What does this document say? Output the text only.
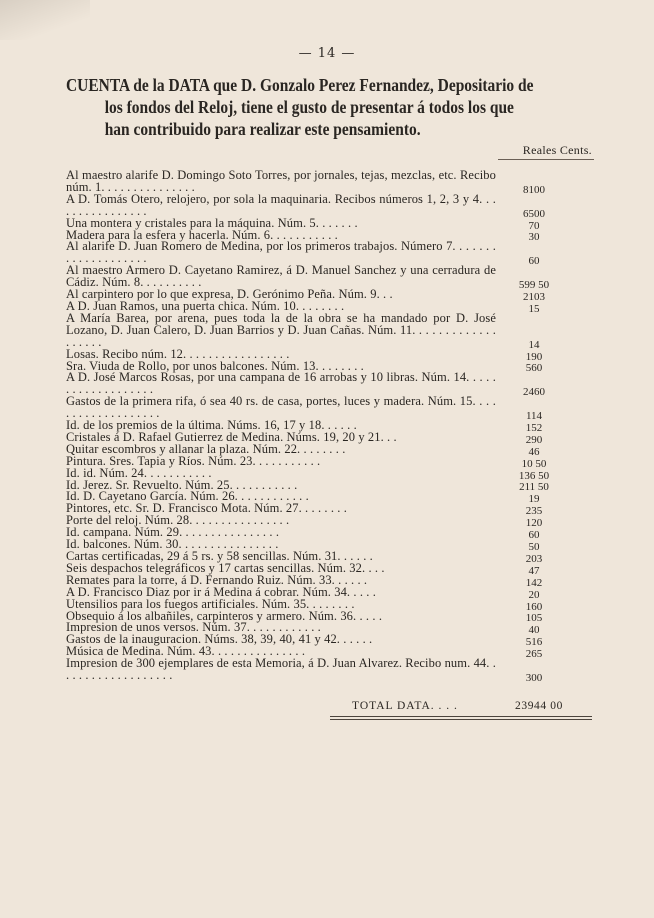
— 14 —
CUENTA de la DATA que D. Gonzalo Perez Fernandez, Depositario de
los fondos del Reloj, tiene el gusto de presentar á todos los que
han contribuido para realizar este pensamiento.
Reales Cents.
Al maestro alarife D. Domingo Soto Torres, por jornales, tejas, mezclas, etc. Recibo núm. 1. . . . . . . . . . . . . . .	8100
A D. Tomás Otero, relojero, por sola la maquinaria. Recibos números 1, 2, 3 y 4. . . . . . . . . . . . . . . .	6500
Una montera y cristales para la máquina. Núm. 5. . . . . . .	70
Madera para la esfera y hacerla. Núm. 6. . . . . . . . . . .	30
Al alarife D. Juan Romero de Medina, por los primeros trabajos. Número 7. . . . . . . . . . . . . . . . . . . .	60
Al maestro Armero D. Cayetano Ramirez, á D. Manuel Sanchez y una cerradura de Cádiz. Núm. 8. . . . . . . . . .	599 50
Al carpintero por lo que expresa, D. Gerónimo Peña. Núm. 9. . .	2103
A D. Juan Ramos, una puerta chica. Núm. 10. . . . . . . .	15
A María Barea, por arena, pues toda la de la obra se ha mandado por D. José Lozano, D. Juan Calero, D. Juan Barrios y D. Juan Cañas. Núm. 11. . . . . . . . . . . . . . . . . . .	14
Losas. Recibo núm. 12. . . . . . . . . . . . . . . . .	190
Sra. Viuda de Rollo, por unos balcones. Núm. 13. . . . . . . .	560
A D. José Marcos Rosas, por una campana de 16 arrobas y 10 libras. Núm. 14. . . . . . . . . . . . . . . . . . .	2460
Gastos de la primera rifa, ó sea 40 rs. de casa, portes, luces y madera. Núm. 15. . . . . . . . . . . . . . . . . . .	114
Id. de los premios de la última. Núms. 16, 17 y 18. . . . . .	152
Cristales á D. Rafael Gutierrez de Medina. Núms. 19, 20 y 21. . .	290
Quitar escombros y allanar la plaza. Núm. 22. . . . . . . .	46
Pintura. Sres. Tapia y Ríos. Núm. 23. . . . . . . . . . .	10 50
Id. id. Núm. 24. . . . . . . . . . .	136 50
Id. Jerez. Sr. Revuelto. Núm. 25. . . . . . . . . . .	211 50
Id. D. Cayetano García. Núm. 26. . . . . . . . . . . .	19
Pintores, etc. Sr. D. Francisco Mota. Núm. 27. . . . . . . .	235
Porte del reloj. Núm. 28. . . . . . . . . . . . . . . .	120
Id. campana. Núm. 29. . . . . . . . . . . . . . . .	60
Id. balcones. Núm. 30. . . . . . . . . . . . . . . .	50
Cartas certificadas, 29 á 5 rs. y 58 sencillas. Núm. 31. . . . . .	203
Seis despachos telegráficos y 17 cartas sencillas. Núm. 32. . . .	47
Remates para la torre, á D. Fernando Ruiz. Núm. 33. . . . . .	142
A D. Francisco Diaz por ir á Medina á cobrar. Núm. 34. . . . .	20
Utensilios para los fuegos artificiales. Núm. 35. . . . . . . .	160
Obsequio á los albañiles, carpinteros y armero. Núm. 36. . . . .	105
Impresion de unos versos. Núm. 37. . . . . . . . . . . .	40
Gastos de la inauguracion. Núms. 38, 39, 40, 41 y 42. . . . . .	516
Música de Medina. Núm. 43. . . . . . . . . . . . . . .	265
Impresion de 300 ejemplares de esta Memoria, á D. Juan Alvarez. Recibo num. 44. . . . . . . . . . . . . . . . . . .	300
TOTAL DATA. . . .	23944 00
